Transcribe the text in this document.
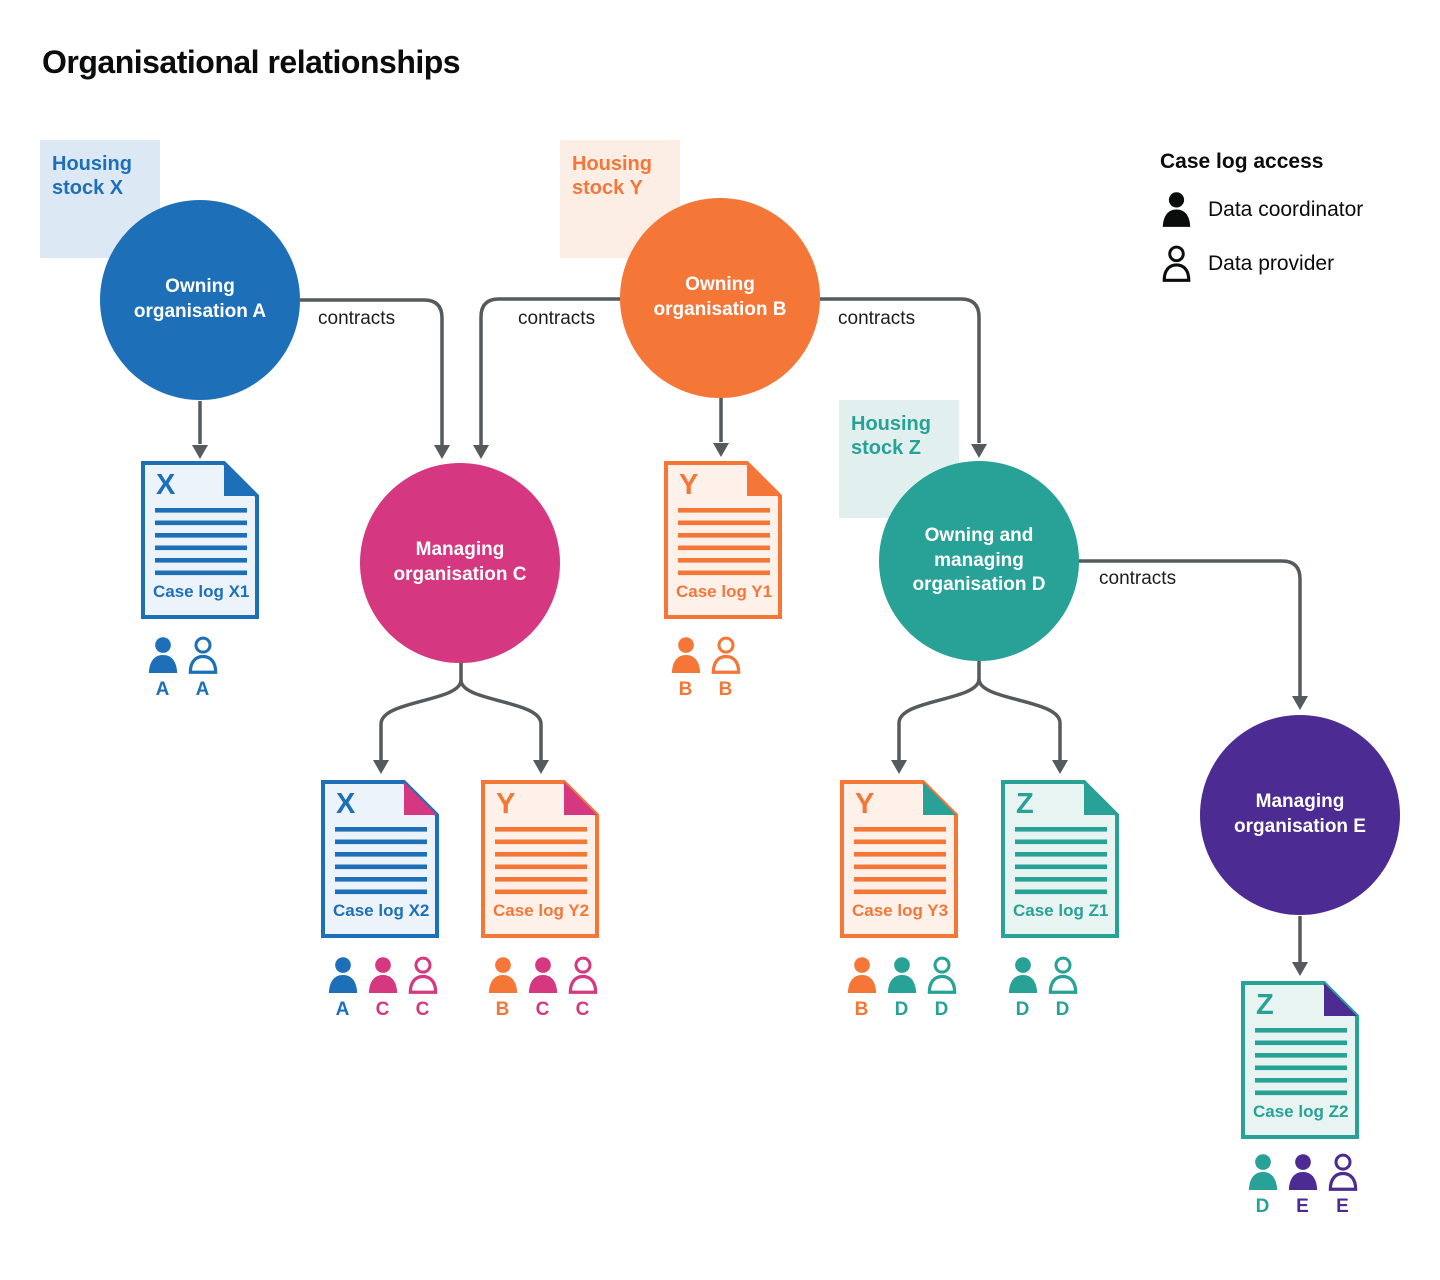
Organisational relationships
contracts	contracts	contracts
contracts
Housing stock X
Housing stock Y
Housing stock Z
Owning organisation A
Owning organisation B
Managing organisation C
Owning and managing organisation D
Managing organisation E
X
Case log X1
Y
Case log Y1
X
Case log X2
Y
Case log Y2
Y
Case log Y3
Z
Case log Z1
Z
Case log Z2
A A	B B
A C C	B C C	B D D	D D
D E E
Case log access
Data coordinator
Data provider
